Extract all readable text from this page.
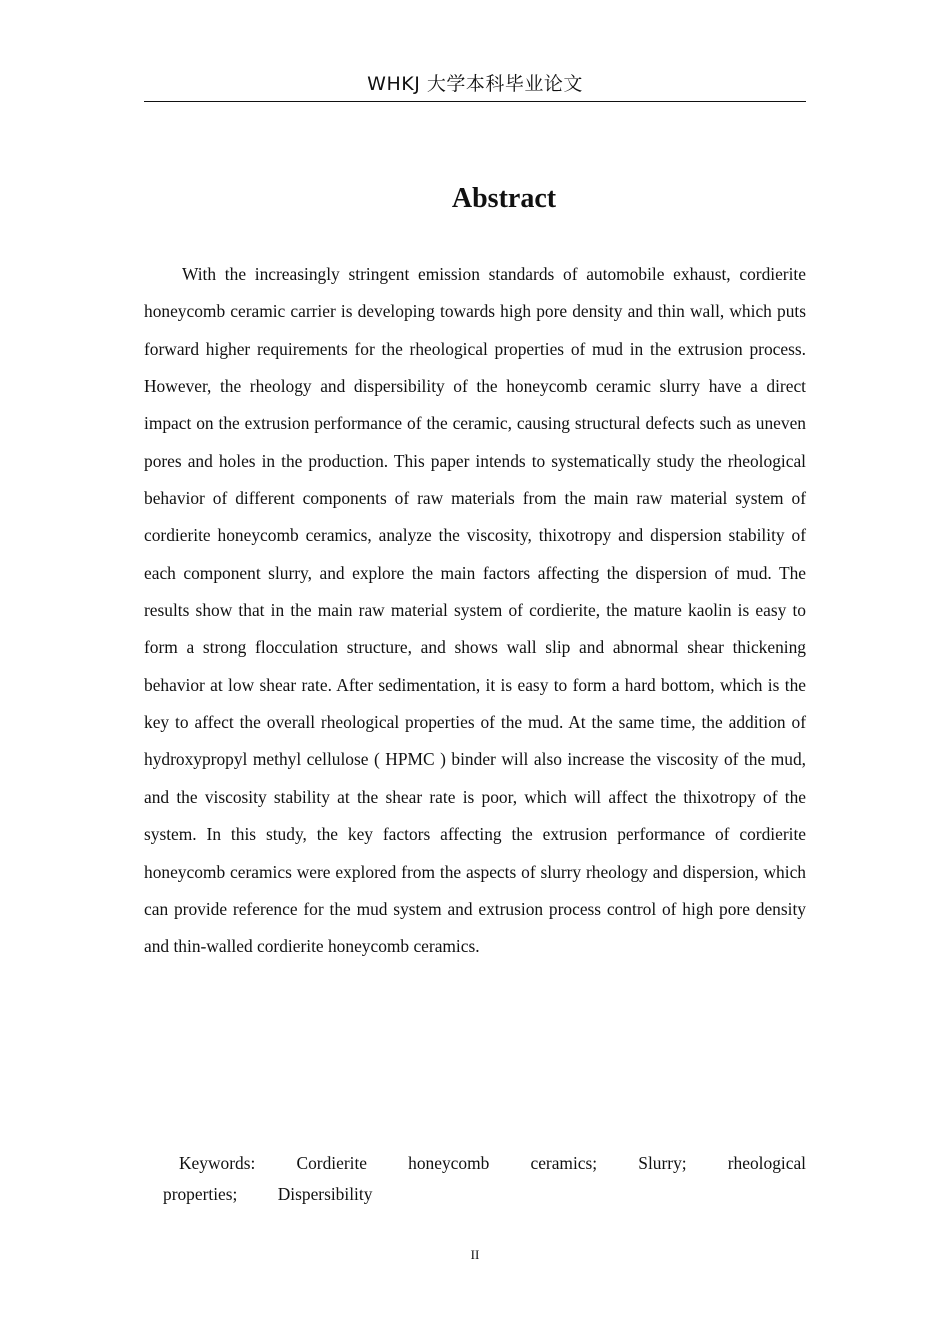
WHKJ 大学本科毕业论文
Abstract

With the increasingly stringent emission standards of automobile exhaust, cordierite honeycomb ceramic carrier is developing towards high pore density and thin wall, which puts forward higher requirements for the rheological properties of mud in the extrusion process. However, the rheology and dispersibility of the honeycomb ceramic slurry have a direct impact on the extrusion performance of the ceramic, causing structural defects such as uneven pores and holes in the production. This paper intends to systematically study the rheological behavior of different components of raw materials from the main raw material system of cordierite honeycomb ceramics, analyze the viscosity, thixotropy and dispersion stability of each component slurry, and explore the main factors affecting the dispersion of mud. The results show that in the main raw material system of cordierite, the mature kaolin is easy to form a strong flocculation structure, and shows wall slip and abnormal shear thickening behavior at low shear rate. After sedimentation, it is easy to form a hard bottom, which is the key to affect the overall rheological properties of the mud. At the same time, the addition of hydroxypropyl methyl cellulose ( HPMC ) binder will also increase the viscosity of the mud, and the viscosity stability at the shear rate is poor, which will affect the thixotropy of the system. In this study, the key factors affecting the extrusion performance of cordierite honeycomb ceramics were explored from the aspects of slurry rheology and dispersion, which can provide reference for the mud system and extrusion process control of high pore density and thin-walled cordierite honeycomb ceramics.

Keywords: Cordierite honeycomb ceramics; Slurry; rheological properties; Dispersibility

II
